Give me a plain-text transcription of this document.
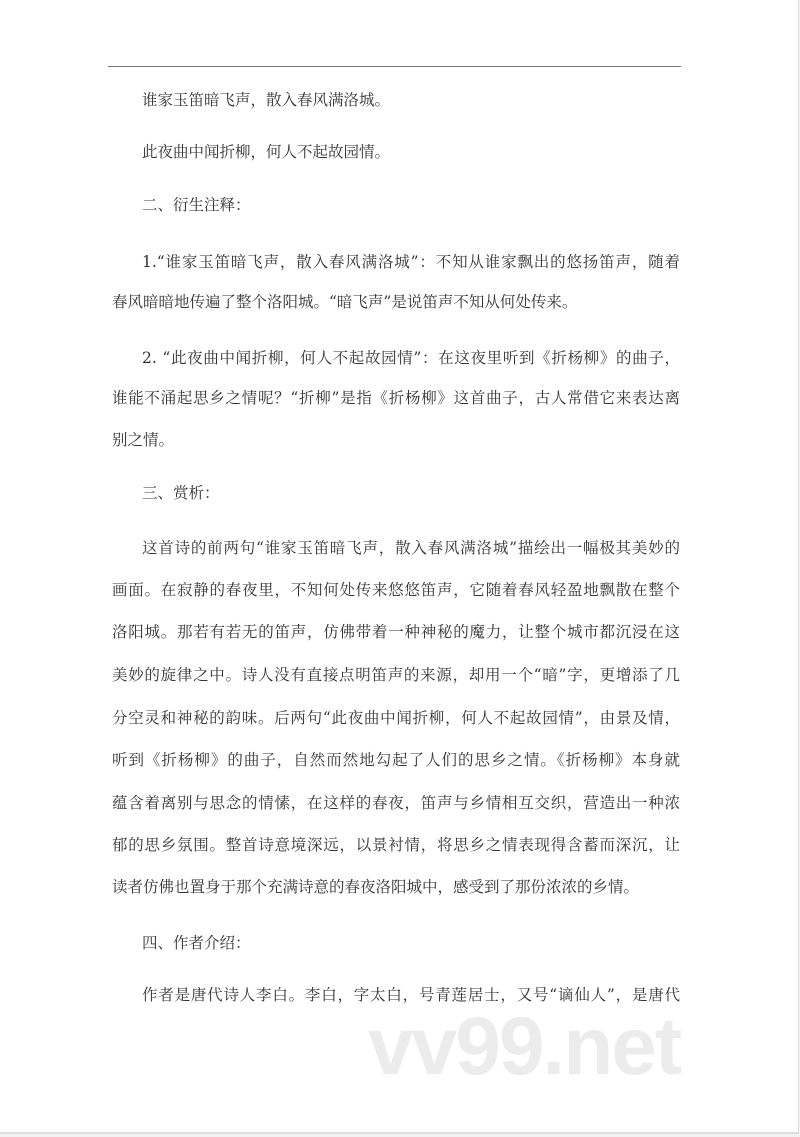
谁家玉笛暗飞声，散入春风满洛城。
此夜曲中闻折柳，何人不起故园情。
二、衍生注释：
1.“谁家玉笛暗飞声，散入春风满洛城”：不知从谁家飘出的悠扬笛声，随着
春风暗暗地传遍了整个洛阳城。“暗飞声”是说笛声不知从何处传来。
2. “此夜曲中闻折柳，何人不起故园情”：在这夜里听到《折杨柳》的曲子，
谁能不涌起思乡之情呢？“折柳”是指《折杨柳》这首曲子，古人常借它来表达离
别之情。
三、赏析：
这首诗的前两句“谁家玉笛暗飞声，散入春风满洛城”描绘出一幅极其美妙的
画面。在寂静的春夜里，不知何处传来悠悠笛声，它随着春风轻盈地飘散在整个
洛阳城。那若有若无的笛声，仿佛带着一种神秘的魔力，让整个城市都沉浸在这
美妙的旋律之中。诗人没有直接点明笛声的来源，却用一个“暗”字，更增添了几
分空灵和神秘的韵味。后两句“此夜曲中闻折柳，何人不起故园情”，由景及情，
听到《折杨柳》的曲子，自然而然地勾起了人们的思乡之情。《折杨柳》本身就
蕴含着离别与思念的情愫，在这样的春夜，笛声与乡情相互交织，营造出一种浓
郁的思乡氛围。整首诗意境深远，以景衬情，将思乡之情表现得含蓄而深沉，让
读者仿佛也置身于那个充满诗意的春夜洛阳城中，感受到了那份浓浓的乡情。
四、作者介绍：
作者是唐代诗人李白。李白，字太白，号青莲居士，又号“谪仙人”，是唐代
vv99.net
